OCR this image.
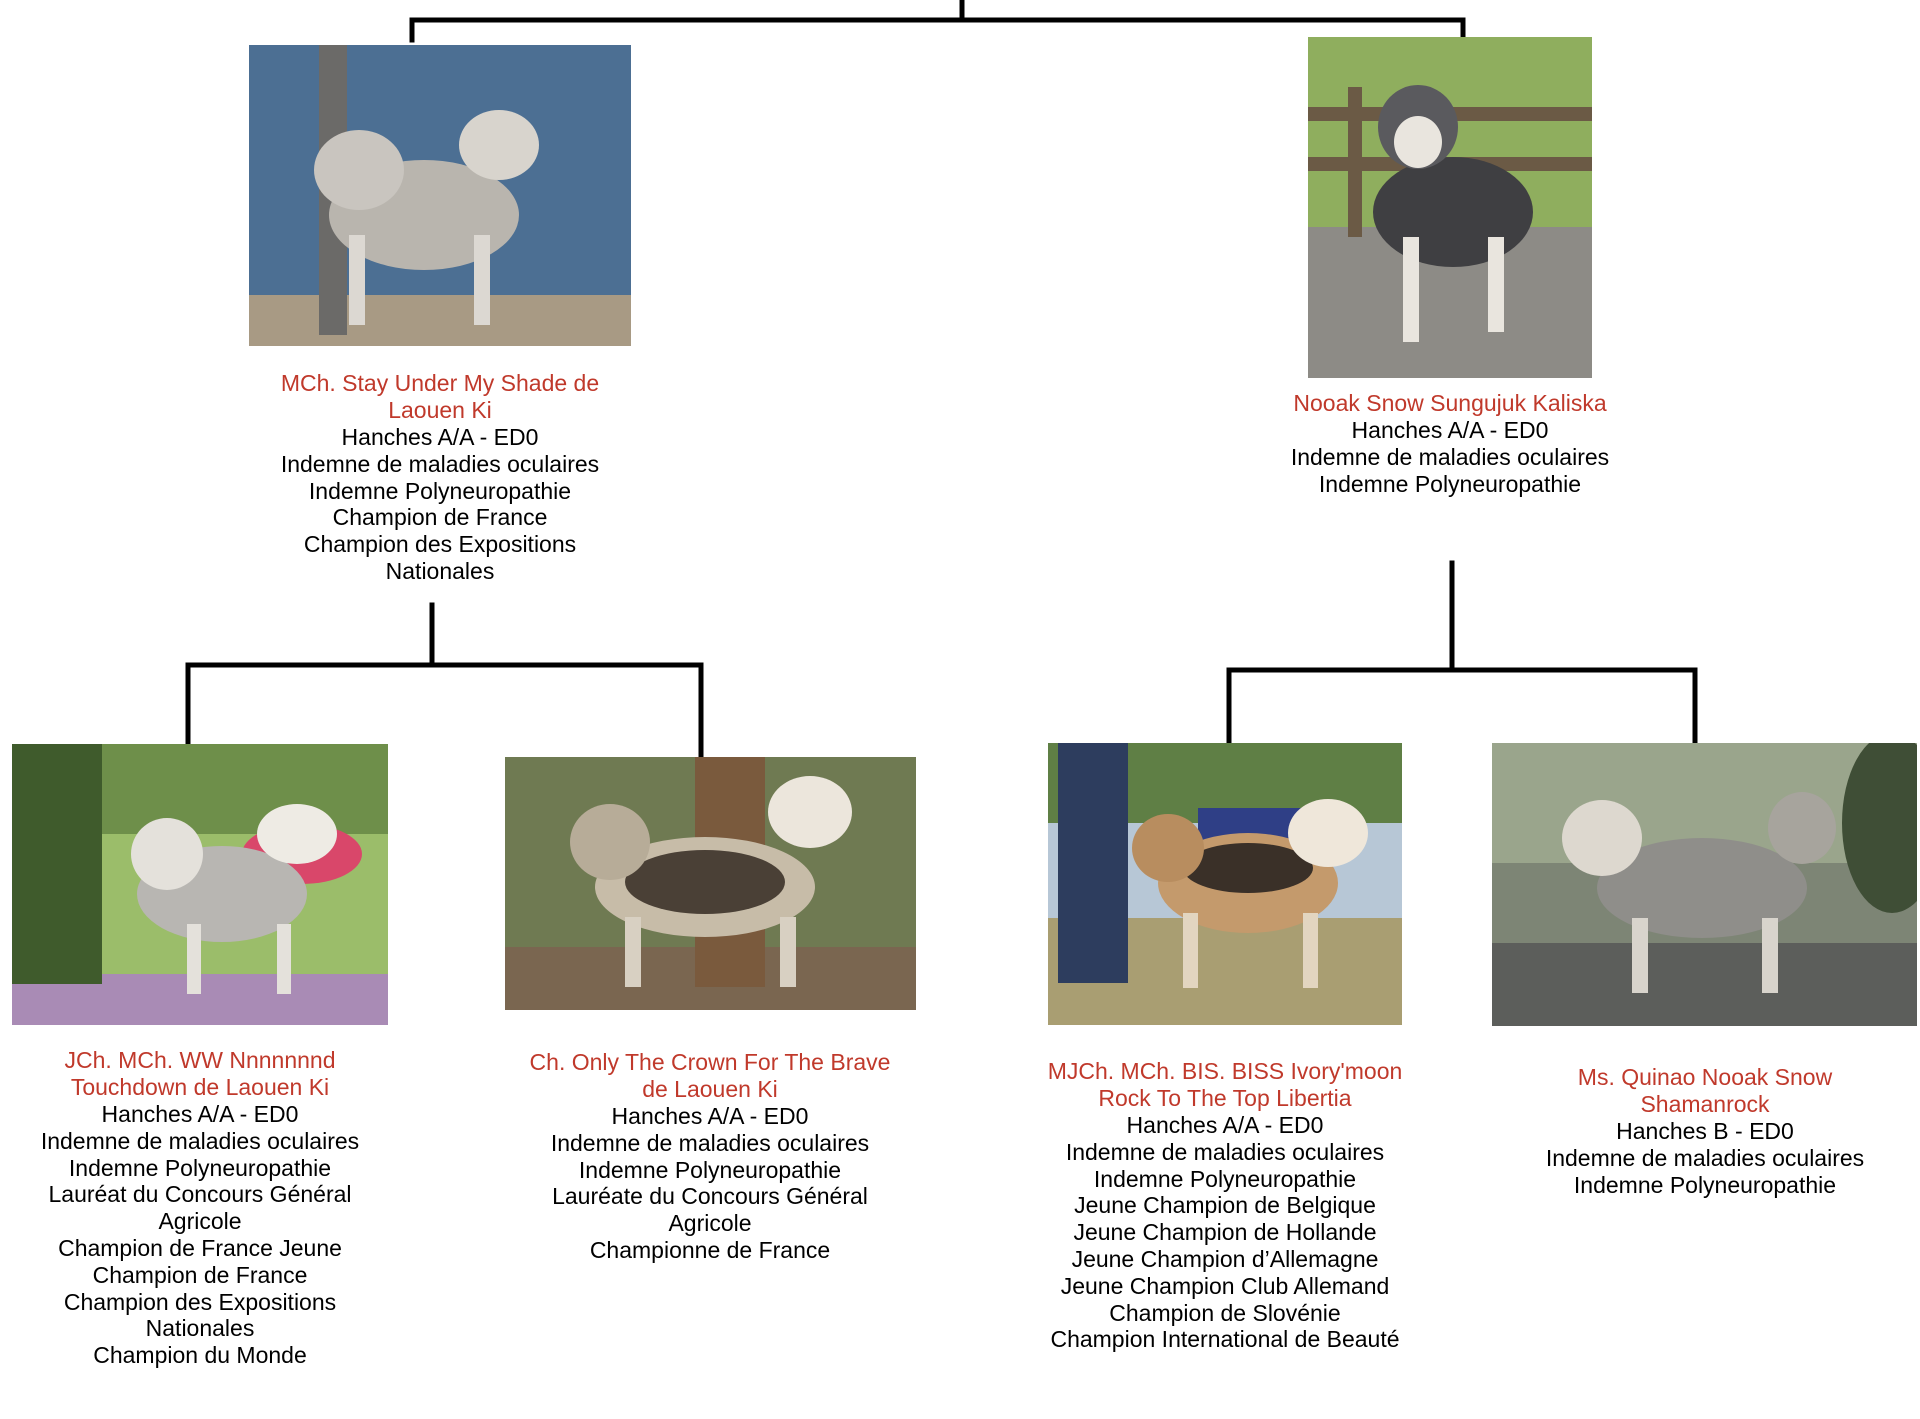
MCh. Stay Under My Shade de Laouen Ki
Hanches A/A - ED0
Indemne de maladies oculaires
Indemne Polyneuropathie
Champion de France
Champion des Expositions Nationales
Nooak Snow Sungujuk Kaliska
Hanches A/A - ED0
Indemne de maladies oculaires
Indemne Polyneuropathie
JCh. MCh. WW Nnnnnnnd Touchdown de Laouen Ki
Hanches A/A - ED0
Indemne de maladies oculaires
Indemne Polyneuropathie
Lauréat du Concours Général Agricole
Champion de France Jeune
Champion de France
Champion des Expositions Nationales
Champion du Monde
Ch. Only The Crown For The Brave de Laouen Ki
Hanches A/A - ED0
Indemne de maladies oculaires
Indemne Polyneuropathie
Lauréate du Concours Général Agricole
Championne de France
MJCh. MCh. BIS. BISS Ivory'moon Rock To The Top Libertia
Hanches A/A - ED0
Indemne de maladies oculaires
Indemne Polyneuropathie
Jeune Champion de Belgique
Jeune Champion de Hollande
Jeune Champion d’Allemagne
Jeune Champion Club Allemand
Champion de Slovénie
Champion International de Beauté
Ms. Quinao Nooak Snow Shamanrock
Hanches B - ED0
Indemne de maladies oculaires
Indemne Polyneuropathie
